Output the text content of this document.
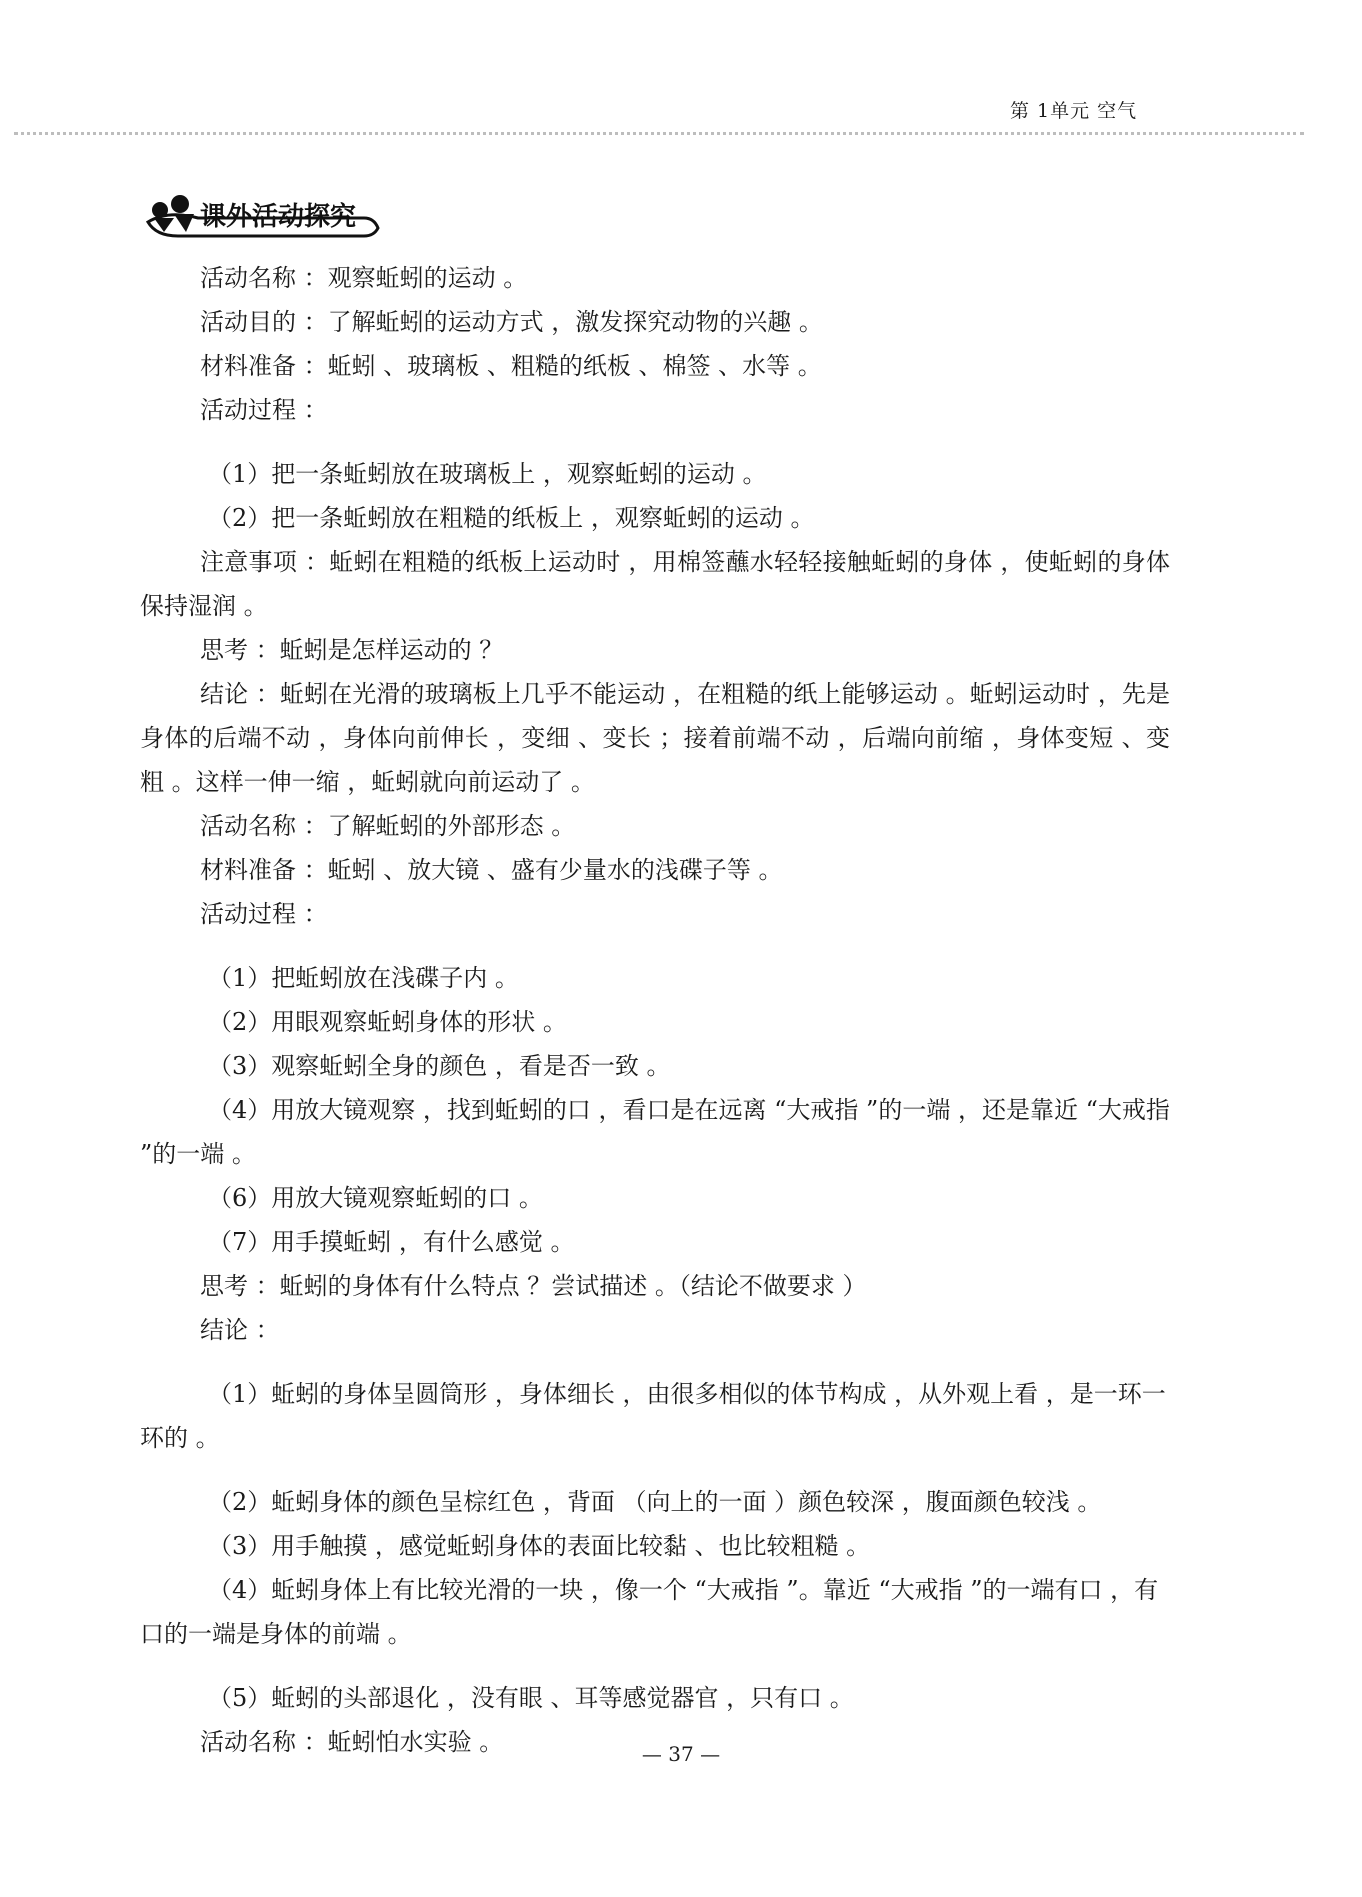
第 1单元 空气
课外活动探究
活动名称 ：观察蚯蚓的运动 。
活动目的 ：了解蚯蚓的运动方式 ，激发探究动物的兴趣 。
材料准备 ：蚯蚓 、玻璃板 、粗糙的纸板 、棉签 、水等 。
活动过程 ：
（1）把一条蚯蚓放在玻璃板上 ，观察蚯蚓的运动 。
（2）把一条蚯蚓放在粗糙的纸板上 ，观察蚯蚓的运动 。
注意事项 ：蚯蚓在粗糙的纸板上运动时 ，用棉签蘸水轻轻接触蚯蚓的身体 ，使蚯蚓的身体保持湿润 。
思考 ：蚯蚓是怎样运动的 ？
结论 ：蚯蚓在光滑的玻璃板上几乎不能运动 ，在粗糙的纸上能够运动 。蚯蚓运动时 ，先是身体的后端不动 ，身体向前伸长 ，变细 、变长 ；接着前端不动 ，后端向前缩 ，身体变短 、变粗 。这样一伸一缩 ，蚯蚓就向前运动了 。
活动名称 ：了解蚯蚓的外部形态 。
材料准备 ：蚯蚓 、放大镜 、盛有少量水的浅碟子等 。
活动过程 ：
（1）把蚯蚓放在浅碟子内 。
（2）用眼观察蚯蚓身体的形状 。
（3）观察蚯蚓全身的颜色 ，看是否一致 。
（4）用放大镜观察 ，找到蚯蚓的口 ，看口是在远离 “大戒指 ”的一端 ，还是靠近 “大戒指 ”的一端 。
（6）用放大镜观察蚯蚓的口 。
（7）用手摸蚯蚓 ，有什么感觉 。
思考 ：蚯蚓的身体有什么特点 ？尝试描述 。（结论不做要求 ）
结论 ：
（1）蚯蚓的身体呈圆筒形 ，身体细长 ，由很多相似的体节构成 ，从外观上看 ，是一环一环的 。
（2）蚯蚓身体的颜色呈棕红色 ，背面 （向上的一面 ）颜色较深 ，腹面颜色较浅 。
（3）用手触摸 ，感觉蚯蚓身体的表面比较黏 、也比较粗糙 。
（4）蚯蚓身体上有比较光滑的一块 ，像一个 “大戒指 ”。靠近 “大戒指 ”的一端有口 ，有口的一端是身体的前端 。
（5）蚯蚓的头部退化 ，没有眼 、耳等感觉器官 ，只有口 。
活动名称 ：蚯蚓怕水实验 。	— 37 —
